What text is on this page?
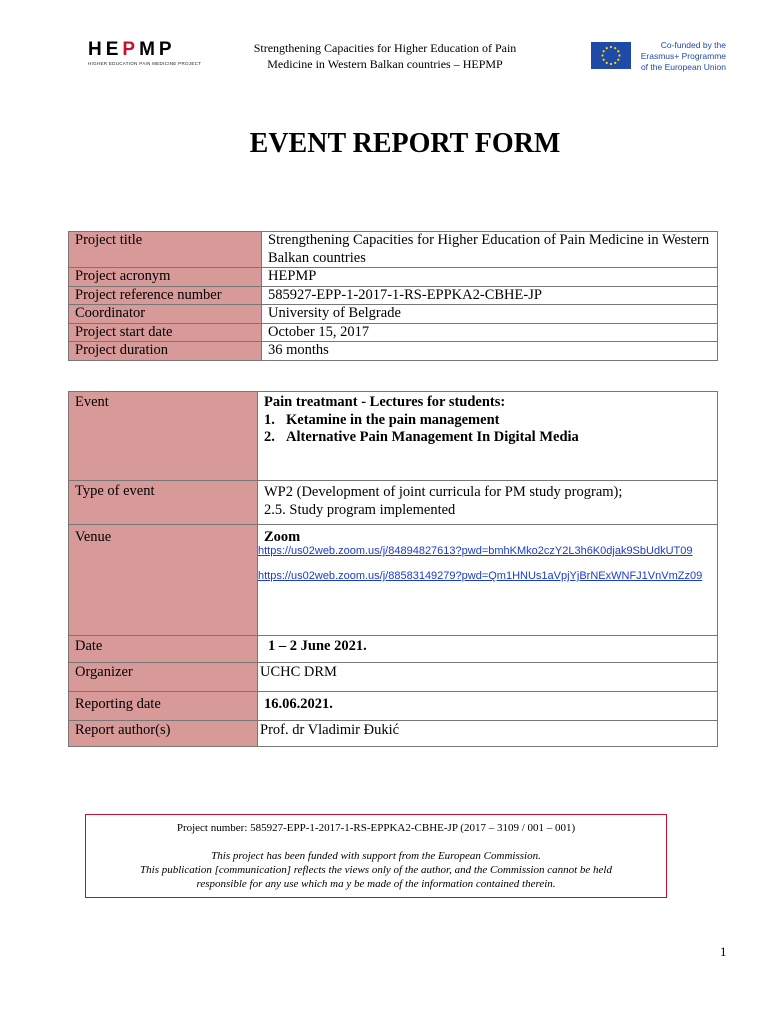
HEPMP
HIGHER EDUCATION PAIN MEDICINE PROJECT
Strengthening Capacities for Higher Education of Pain
Medicine in Western Balkan countries – HEPMP
Co-funded by the
Erasmus+ Programme
of the European Union
EVENT REPORT FORM
Project title	Strengthening Capacities for Higher Education of Pain Medicine in Western Balkan countries
Project acronym	HEPMP
Project reference number	585927-EPP-1-2017-1-RS-EPPKA2-CBHE-JP
Coordinator	University of Belgrade
Project start date	October 15, 2017
Project duration	36 months
Event	Pain treatmant - Lectures for students:
1. Ketamine in the pain management
2. Alternative Pain Management In Digital Media

Type of event	WP2 (Development of joint curricula for PM study program); 2.5. Study program implemented

Venue	Zoom
https://us02web.zoom.us/j/84894827613?pwd=bmhKMko2czY2L3h6K0djak9SbUdkUT09
https://us02web.zoom.us/j/88583149279?pwd=Qm1HNUs1aVpjYjBrNExWNFJ1VnVmZz09

Date	1 – 2 June 2021.
Organizer	UCHC DRM
Reporting date	16.06.2021.
Report author(s)	Prof. dr Vladimir Đukić
Project number: 585927-EPP-1-2017-1-RS-EPPKA2-CBHE-JP (2017 – 3109 / 001 – 001)
This project has been funded with support from the European Commission.
This publication [communication] reflects the views only of the author, and the Commission cannot be held
responsible for any use which ma y be made of the information contained therein.
1
